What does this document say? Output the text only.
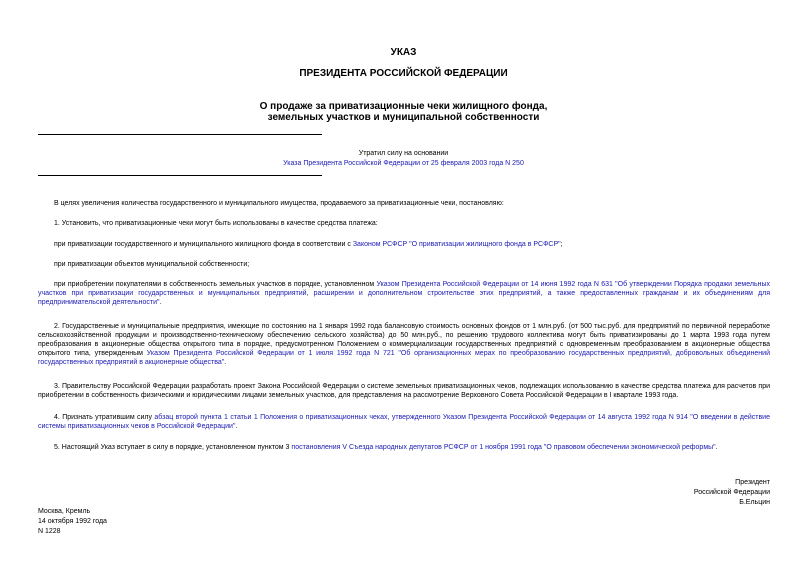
УКАЗ
ПРЕЗИДЕНТА РОССИЙСКОЙ ФЕДЕРАЦИИ
О продаже за приватизационные чеки жилищного фонда,
земельных участков и муниципальной собственности
Утратил силу на основании
Указа Президента Российской Федерации от 25 февраля 2003 года N 250
В целях увеличения количества государственного и муниципального имущества, продаваемого за приватизационные чеки, постановляю:
1. Установить, что приватизационные чеки могут быть использованы в качестве средства платежа:
при приватизации государственного и муниципального жилищного фонда в соответствии с Законом РСФСР "О приватизации жилищного фонда в РСФСР";
при приватизации объектов муниципальной собственности;
при приобретении покупателями в собственность земельных участков в порядке, установленном Указом Президента Российской Федерации от 14 июня 1992 года N 631 "Об утверждении Порядка продажи земельных участков при приватизации государственных и муниципальных предприятий, расширении и дополнительном строительстве этих предприятий, а также предоставленных гражданам и их объединениям для предпринимательской деятельности".
2. Государственные и муниципальные предприятия, имеющие по состоянию на 1 января 1992 года балансовую стоимость основных фондов от 1 млн.руб. (от 500 тыс.руб. для предприятий по первичной переработке сельскохозяйственной продукции и производственно-техническому обеспечению сельского хозяйства) до 50 млн.руб., по решению трудового коллектива могут быть приватизированы до 1 марта 1993 года путем преобразования в акционерные общества открытого типа в порядке, предусмотренном Положением о коммерциализации государственных предприятий с одновременным преобразованием в акционерные общества открытого типа, утвержденным Указом Президента Российской Федерации от 1 июля 1992 года N 721 "Об организационных мерах по преобразованию государственных предприятий, добровольных объединений государственных предприятий в акционерные общества".
3. Правительству Российской Федерации разработать проект Закона Российской Федерации о системе земельных приватизационных чеков, подлежащих использованию в качестве средства платежа для расчетов при приобретении в собственность физическими и юридическими лицами земельных участков, для представления на рассмотрение Верховного Совета Российской Федерации в I квартале 1993 года.
4. Признать утратившим силу абзац второй пункта 1 статьи 1 Положения о приватизационных чеках, утвержденного Указом Президента Российской Федерации от 14 августа 1992 года N 914 "О введении в действие системы приватизационных чеков в Российской Федерации".
5. Настоящий Указ вступает в силу в порядке, установленном пунктом 3 постановления V Съезда народных депутатов РСФСР от 1 ноября 1991 года "О правовом обеспечении экономической реформы".
Президент
Российской Федерации
Б.Ельцин
Москва, Кремль
14 октября 1992 года
N 1228
